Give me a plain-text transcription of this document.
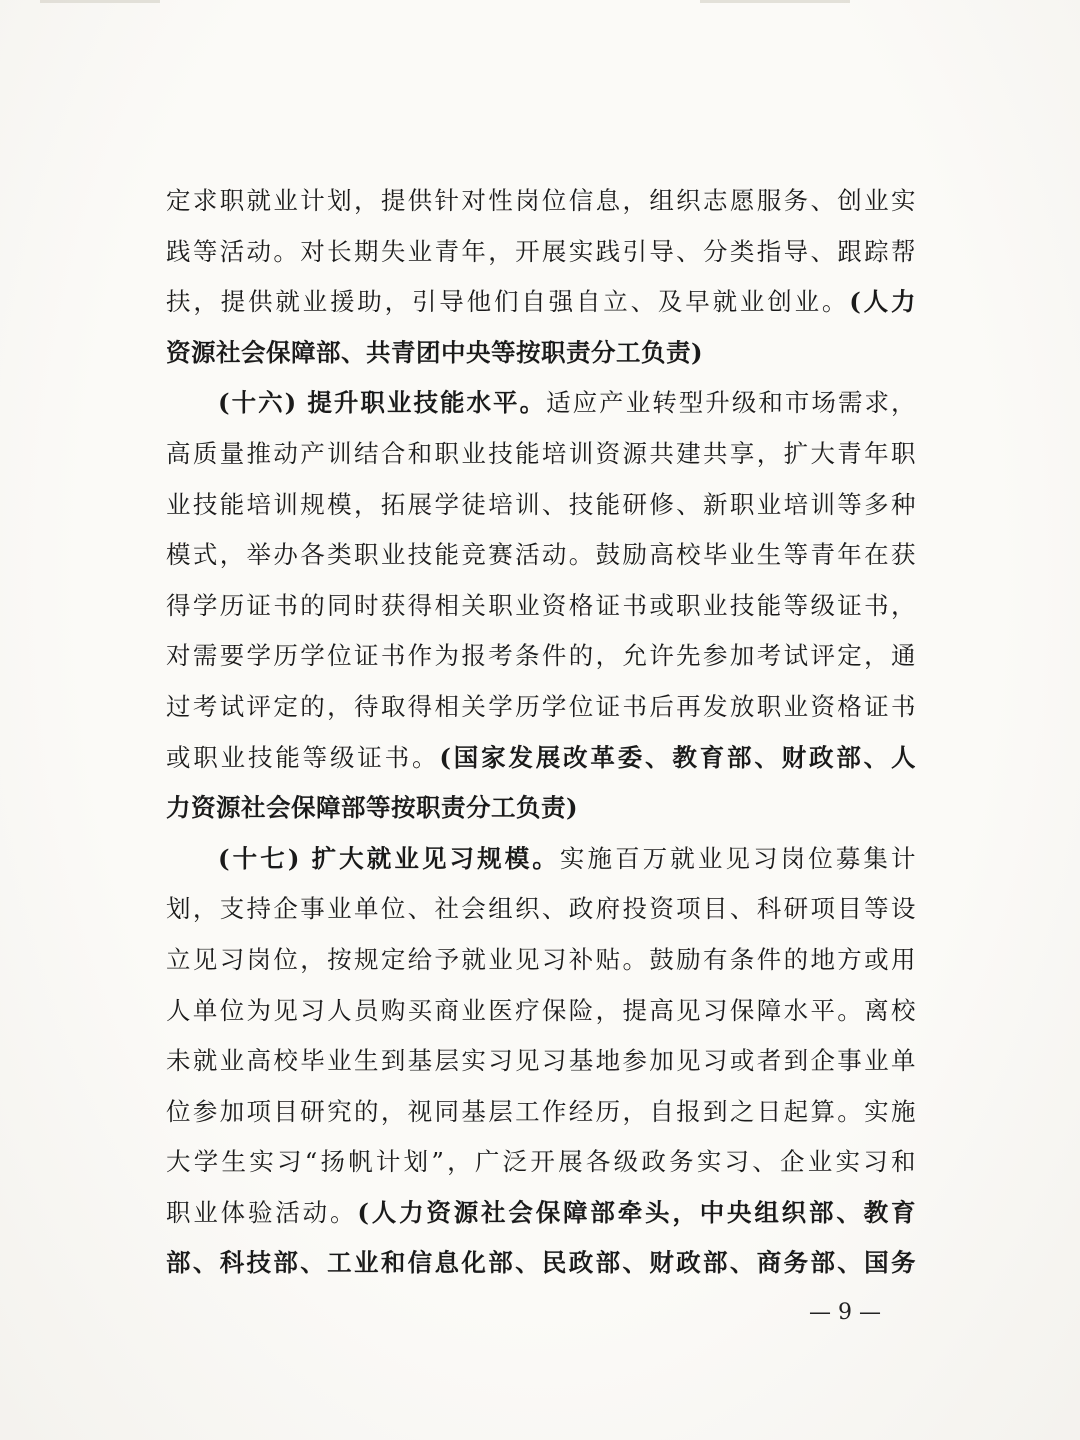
定求职就业计划，提供针对性岗位信息，组织志愿服务、创业实
践等活动。对长期失业青年，开展实践引导、分类指导、跟踪帮
扶，提供就业援助，引导他们自强自立、及早就业创业。(人力
资源社会保障部、共青团中央等按职责分工负责)
(十六) 提升职业技能水平。适应产业转型升级和市场需求，
高质量推动产训结合和职业技能培训资源共建共享，扩大青年职
业技能培训规模，拓展学徒培训、技能研修、新职业培训等多种
模式，举办各类职业技能竞赛活动。鼓励高校毕业生等青年在获
得学历证书的同时获得相关职业资格证书或职业技能等级证书，
对需要学历学位证书作为报考条件的，允许先参加考试评定，通
过考试评定的，待取得相关学历学位证书后再发放职业资格证书
或职业技能等级证书。(国家发展改革委、教育部、财政部、人
力资源社会保障部等按职责分工负责)
(十七) 扩大就业见习规模。实施百万就业见习岗位募集计
划，支持企事业单位、社会组织、政府投资项目、科研项目等设
立见习岗位，按规定给予就业见习补贴。鼓励有条件的地方或用
人单位为见习人员购买商业医疗保险，提高见习保障水平。离校
未就业高校毕业生到基层实习见习基地参加见习或者到企事业单
位参加项目研究的，视同基层工作经历，自报到之日起算。实施
大学生实习“扬帆计划”，广泛开展各级政务实习、企业实习和
职业体验活动。(人力资源社会保障部牵头，中央组织部、教育
部、科技部、工业和信息化部、民政部、财政部、商务部、国务
— 9 —
